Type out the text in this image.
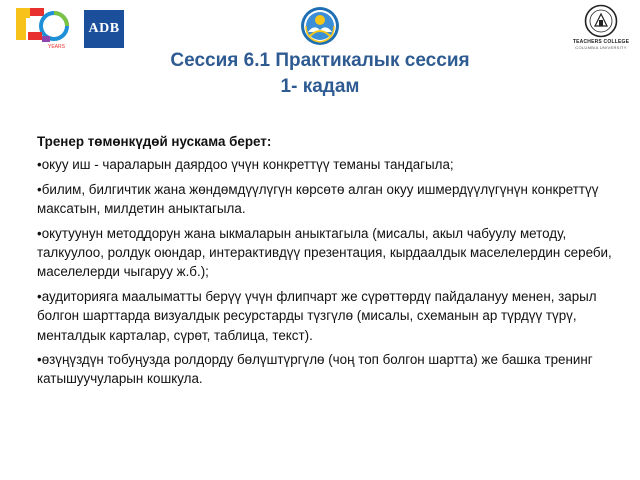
YEARS
ADB
TEACHERS COLLEGE
COLUMBIA UNIVERSITY
Сессия 6.1 Практикалык сессия
1- кадам
Тренер төмөнкүдөй нускама берет:
•окуу иш - чараларын даярдоо үчүн конкреттүү теманы тандагыла;
•билим, билгичтик жана жөндөмдүүлүгүн көрсөтө алган окуу ишмердүүлүгүнүн конкреттүү максатын, милдетин аныктагыла.
•окутуунун методдорун жана ыкмаларын аныктагыла (мисалы, акыл чабуулу методу, талкуулоо, ролдук оюндар, интерактивдүү презентация, кырдаалдык маселелердин сереби, маселелерди чыгаруу ж.б.);
•аудиторияга маалыматты берүү үчүн флипчарт же сүрөттөрдү пайдалануу менен, зарыл болгон шарттарда визуалдык ресурстарды түзгүлө (мисалы, схеманын ар түрдүү түрү, менталдык карталар, сүрөт, таблица, текст).
•өзүңүздүн тобуңузда ролдорду бөлүштүргүлө (чоң топ болгон шартта) же башка тренинг катышуучуларын кошкула.
